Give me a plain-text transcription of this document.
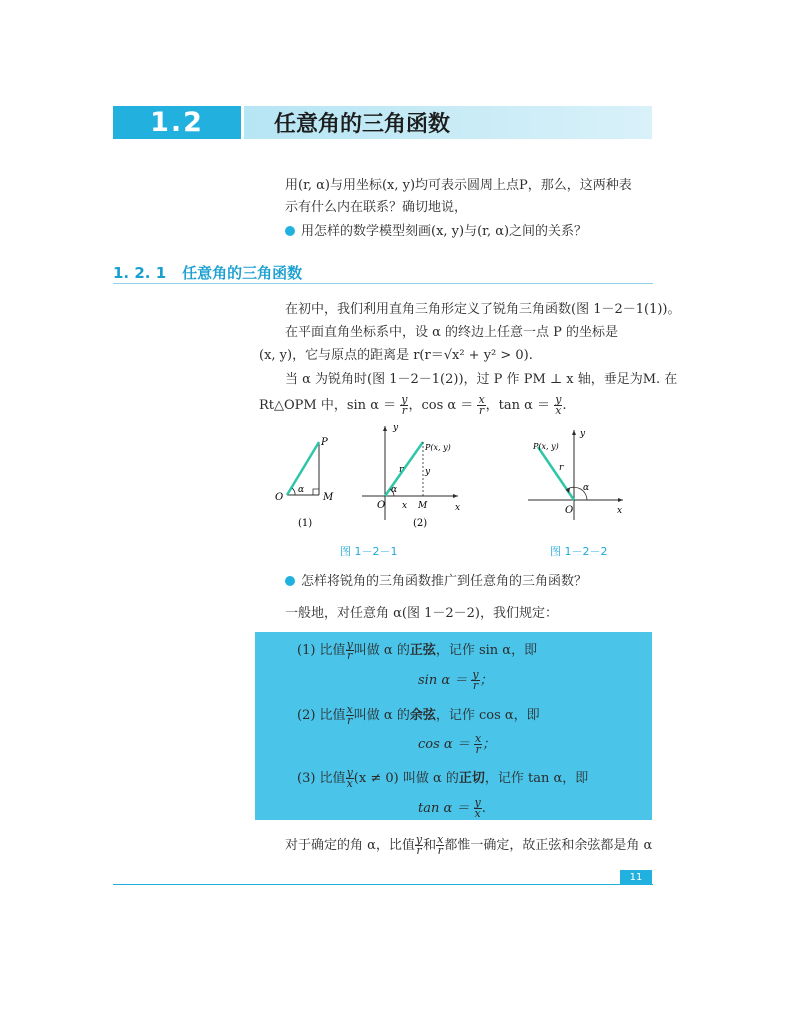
1.2	任意角的三角函数
用(r, α)与用坐标(x, y)均可表示圆周上点P，那么，这两种表
示有什么内在联系？确切地说，
用怎样的数学模型刻画(x, y)与(r, α)之间的关系？
1. 2. 1 任意角的三角函数
在初中，我们利用直角三角形定义了锐角三角函数(图 1－2－1(1))。
在平面直角坐标系中，设 α 的终边上任意一点 P 的坐标是
(x, y)，它与原点的距离是 r(r＝√x² + y² > 0).
当 α 为锐角时(图 1－2－1(2))，过 P 作 PM ⊥ x 轴，垂足为M. 在
Rt△OPM 中，$\sin \alpha = \frac{y}{r}$ ，$\cos \alpha = \frac{x}{r}$ ，$\tan \alpha = \frac{y}{x}$ .
O	M
P
α
(1)
y
x
P(x, y)
r y
α
O x M
(2)
y
P(x, y)
r
α
O	x
图 1－2－1	图 1－2－2
怎样将锐角的三角函数推广到任意角的三角函数？
一般地，对任意角 α(图 1－2－2)，我们规定：
(1) 比值 $\frac{y}{r}$ 叫做 α 的正弦，记作 sin α，即
$\sin \alpha = \frac{y}{r}$ ；
(2) 比值 $\frac{x}{r}$ 叫做 α 的余弦，记作 cos α，即
$\cos \alpha = \frac{x}{r}$ ；
(3) 比值 $\frac{y}{x} (x \ne 0)$ 叫做 α 的正切，记作 tan α，即
$\tan \alpha = \frac{y}{x}$ .
对于确定的角 α，比值 $\frac{y}{r}$ 和 $\frac{x}{r}$ 都惟一确定，故正弦和余弦都是角 α
11
